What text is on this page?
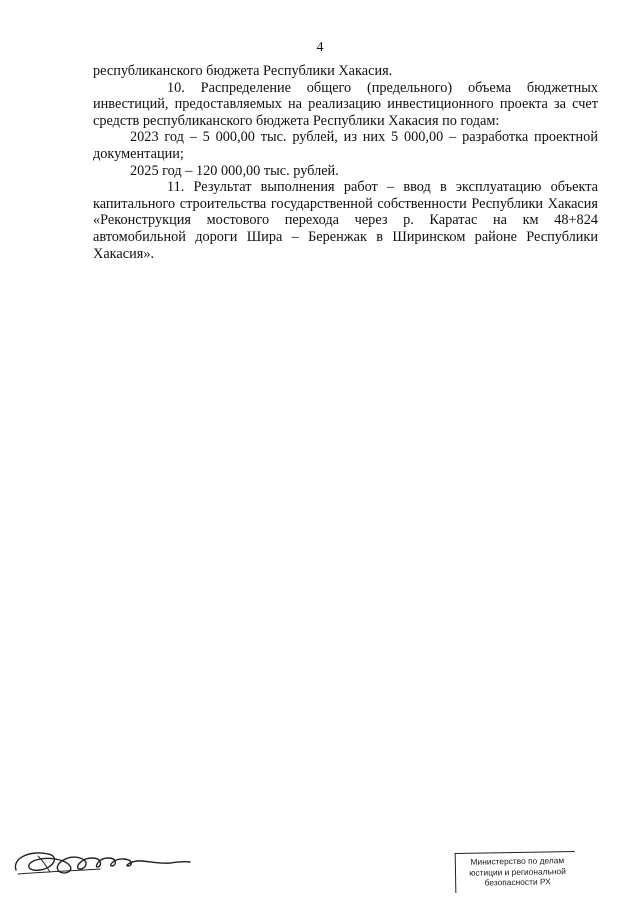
4

республиканского бюджета Республики Хакасия.

10. Распределение общего (предельного) объема бюджетных инвестиций, предоставляемых на реализацию инвестиционного проекта за счет средств республиканского бюджета Республики Хакасия по годам:

2023 год – 5 000,00 тыс. рублей, из них 5 000,00 – разработка проектной документации;

2025 год – 120 000,00 тыс. рублей.

11. Результат выполнения работ – ввод в эксплуатацию объекта капитального строительства государственной собственности Республики Хакасия «Реконструкция мостового перехода через р. Каратас на км 48+824 автомобильной дороги Шира – Беренжак в Ширинском районе Республики Хакасия».

Министерство по делам
юстиции и региональной
безопасности РХ
